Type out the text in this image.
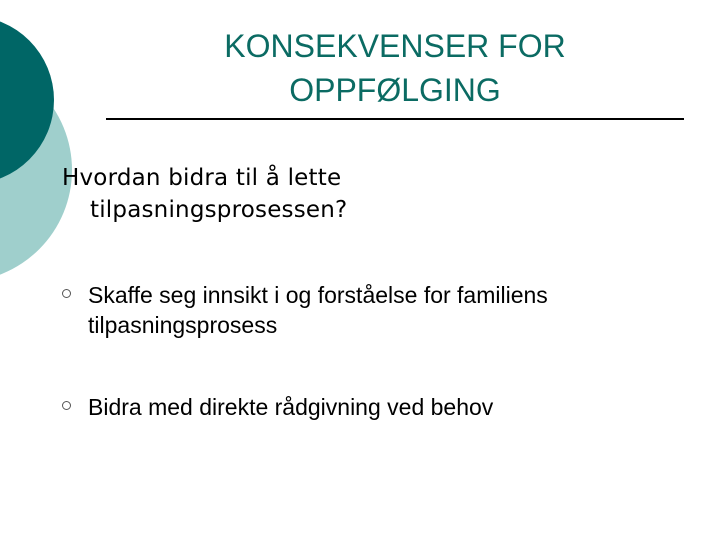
KONSEKVENSER FOR
OPPFØLGING
Hvordan bidra til å lette
tilpasningsprosessen?
Skaffe seg innsikt i og forståelse for familiens
tilpasningsprosess
Bidra med direkte rådgivning ved behov
